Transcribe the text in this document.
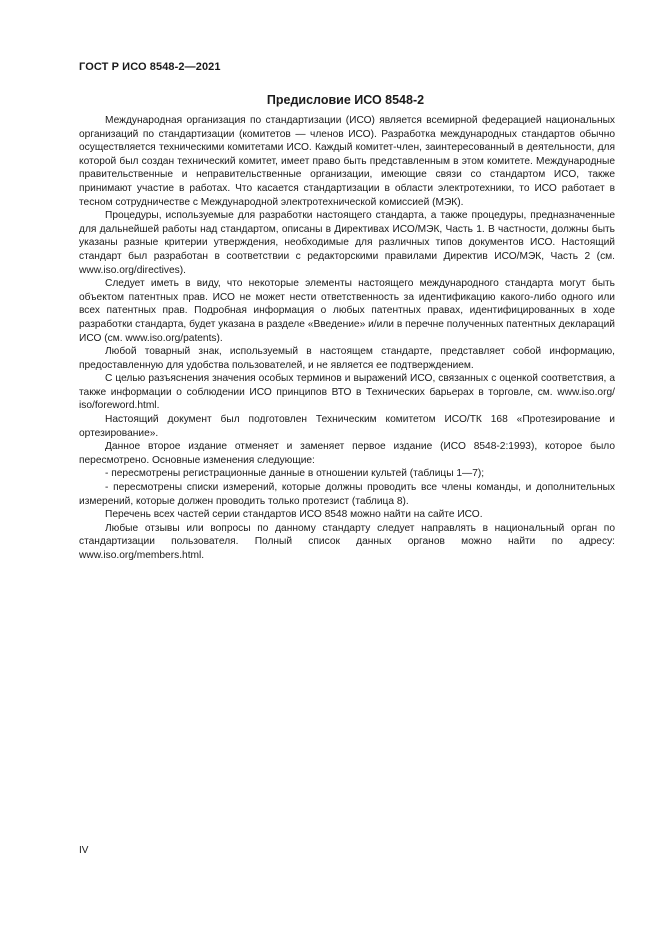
ГОСТ Р ИСО 8548-2—2021
Предисловие ИСО 8548-2

Международная организация по стандартизации (ИСО) является всемирной федерацией национальных организаций по стандартизации (комитетов — членов ИСО). Разработка международных стандартов обычно осуществляется техническими комитетами ИСО. Каждый комитет-член, заинтересованный в деятельности, для которой был создан технический комитет, имеет право быть представленным в этом комитете. Международные правительственные и неправительственные организации, имеющие связи со стандартом ИСО, также принимают участие в работах. Что касается стандартизации в области электротехники, то ИСО работает в тесном сотрудничестве с Международной электротехнической комиссией (МЭК).

Процедуры, используемые для разработки настоящего стандарта, а также процедуры, предназначенные для дальнейшей работы над стандартом, описаны в Директивах ИСО/МЭК, Часть 1. В частности, должны быть указаны разные критерии утверждения, необходимые для различных типов документов ИСО. Настоящий стандарт был разработан в соответствии с редакторскими правилами Директив ИСО/МЭК, Часть 2 (см. www.iso.org/directives).

Следует иметь в виду, что некоторые элементы настоящего международного стандарта могут быть объектом патентных прав. ИСО не может нести ответственность за идентификацию какого-либо одного или всех патентных прав. Подробная информация о любых патентных правах, идентифицированных в ходе разработки стандарта, будет указана в разделе «Введение» и/или в перечне полученных патентных деклараций ИСО (см. www.iso.org/patents).

Любой товарный знак, используемый в настоящем стандарте, представляет собой информацию, предоставленную для удобства пользователей, и не является ее подтверждением.

С целью разъяснения значения особых терминов и выражений ИСО, связанных с оценкой соответствия, а также информации о соблюдении ИСО принципов ВТО в Технических барьерах в торговле, см. www.iso.org/ iso/foreword.html.

Настоящий документ был подготовлен Техническим комитетом ИСО/ТК 168 «Протезирование и ортезирование».

Данное второе издание отменяет и заменяет первое издание (ИСО 8548-2:1993), которое было пересмотрено. Основные изменения следующие:

- пересмотрены регистрационные данные в отношении культей (таблицы 1—7);

- пересмотрены списки измерений, которые должны проводить все члены команды, и дополнительных измерений, которые должен проводить только протезист (таблица 8).

Перечень всех частей серии стандартов ИСО 8548 можно найти на сайте ИСО.

Любые отзывы или вопросы по данному стандарту следует направлять в национальный орган по стандартизации пользователя. Полный список данных органов можно найти по адресу: www.iso.org/members.html.

IV
